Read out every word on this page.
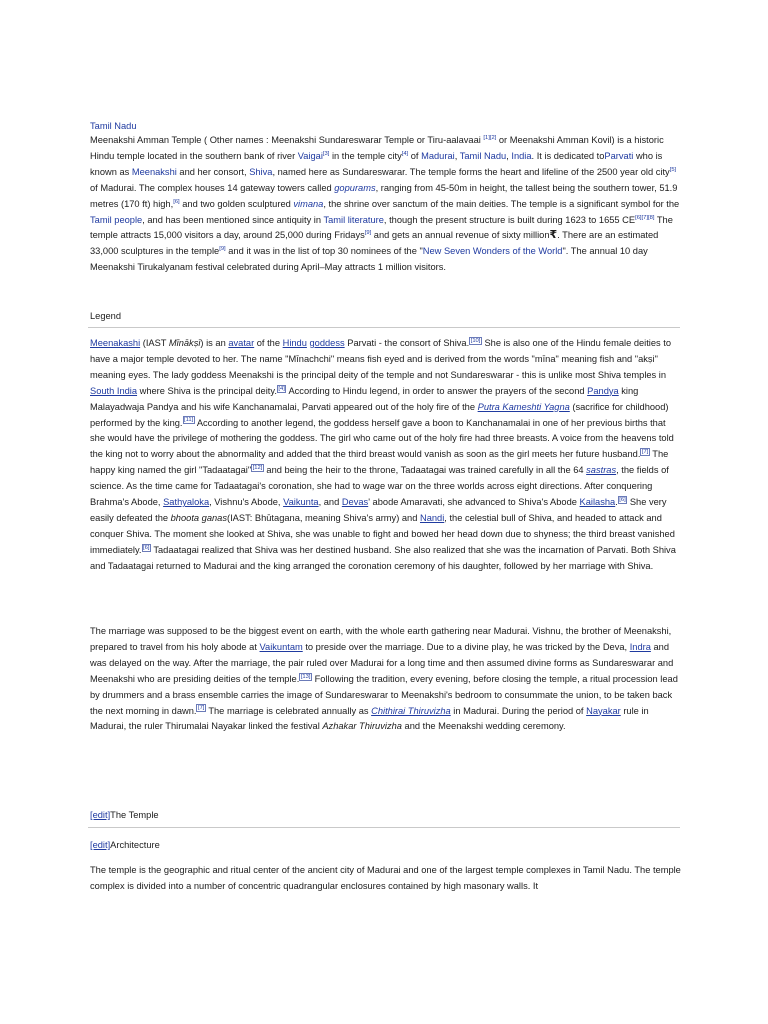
Tamil Nadu

Meenakshi Amman Temple ( Other names : Meenakshi Sundareswarar Temple or Tiru-aalavaai [1][2] or Meenakshi Amman Kovil) is a historic Hindu temple located in the southern bank of river Vaigai[3] in the temple city[4] of Madurai, Tamil Nadu, India. It is dedicated toParvati who is known as Meenakshi and her consort, Shiva, named here as Sundareswarar. The temple forms the heart and lifeline of the 2500 year old city[5] of Madurai. The complex houses 14 gateway towers called gopurams, ranging from 45-50m in height, the tallest being the southern tower, 51.9 metres (170 ft) high,[6] and two golden sculptured vimana, the shrine over sanctum of the main deities. The temple is a significant symbol for the Tamil people, and has been mentioned since antiquity in Tamil literature, though the present structure is built during 1623 to 1655 CE[6][7][8] The temple attracts 15,000 visitors a day, around 25,000 during Fridays[9] and gets an annual revenue of sixty million₹. There are an estimated 33,000 sculptures in the temple[9] and it was in the list of top 30 nominees of the "New Seven Wonders of the World". The annual 10 day Meenakshi Tirukalyanam festival celebrated during April–May attracts 1 million visitors.

Legend

Meenakashi (IAST Mīnākṣī) is an avatar of the Hindu goddess Parvati - the consort of Shiva. [10] She is also one of the Hindu female deities to have a major temple devoted to her. The name "Mīnachchi" means fish eyed and is derived from the words "mīna" meaning fish and "akṣi" meaning eyes. The lady goddess Meenakshi is the principal deity of the temple and not Sundareswarar - this is unlike most Shiva temples in South India where Shiva is the principal deity. [4] According to Hindu legend, in order to answer the prayers of the second Pandya king Malayadwaja Pandya and his wife Kanchanamalai, Parvati appeared out of the holy fire of the Putra Kameshti Yagna (sacrifice for childhood) performed by the king. [11] According to another legend, the goddess herself gave a boon to Kanchanamalai in one of her previous births that she would have the privilege of mothering the goddess. The girl who came out of the holy fire had three breasts. A voice from the heavens told the king not to worry about the abnormality and added that the third breast would vanish as soon as the girl meets her future husband. [7] The happy king named the girl "Tadaatagai" [12] and being the heir to the throne, Tadaatagai was trained carefully in all the 64 sastras, the fields of science. As the time came for Tadaatagai's coronation, she had to wage war on the three worlds across eight directions. After conquering Brahma's Abode, Sathyaloka, Vishnu's Abode, Vaikunta, and Devas' abode Amaravati, she advanced to Shiva's Abode Kailasha. [6] She very easily defeated the bhoota ganas(IAST: Bhūtagana, meaning Shiva's army) and Nandi, the celestial bull of Shiva, and headed to attack and conquer Shiva. The moment she looked at Shiva, she was unable to fight and bowed her head down due to shyness; the third breast vanished immediately. [6] Tadaatagai realized that Shiva was her destined husband. She also realized that she was the incarnation of Parvati. Both Shiva and Tadaatagai returned to Madurai and the king arranged the coronation ceremony of his daughter, followed by her marriage with Shiva.

The marriage was supposed to be the biggest event on earth, with the whole earth gathering near Madurai. Vishnu, the brother of Meenakshi, prepared to travel from his holy abode at Vaikuntam to preside over the marriage. Due to a divine play, he was tricked by the Deva, Indra and was delayed on the way. After the marriage, the pair ruled over Madurai for a long time and then assumed divine forms as Sundareswarar and Meenakshi who are presiding deities of the temple. [13] Following the tradition, every evening, before closing the temple, a ritual procession lead by drummers and a brass ensemble carries the image of Sundareswarar to Meenakshi's bedroom to consummate the union, to be taken back the next morning in dawn. [7] The marriage is celebrated annually as Chithirai Thiruvizha in Madurai. During the period of Nayakar rule in Madurai, the ruler Thirumalai Nayakar linked the festival Azhakar Thiruvizha and the Meenakshi wedding ceremony.

[edit]The Temple
[edit]Architecture

The temple is the geographic and ritual center of the ancient city of Madurai and one of the largest temple complexes in Tamil Nadu. The temple complex is divided into a number of concentric quadrangular enclosures contained by high masonary walls. It
